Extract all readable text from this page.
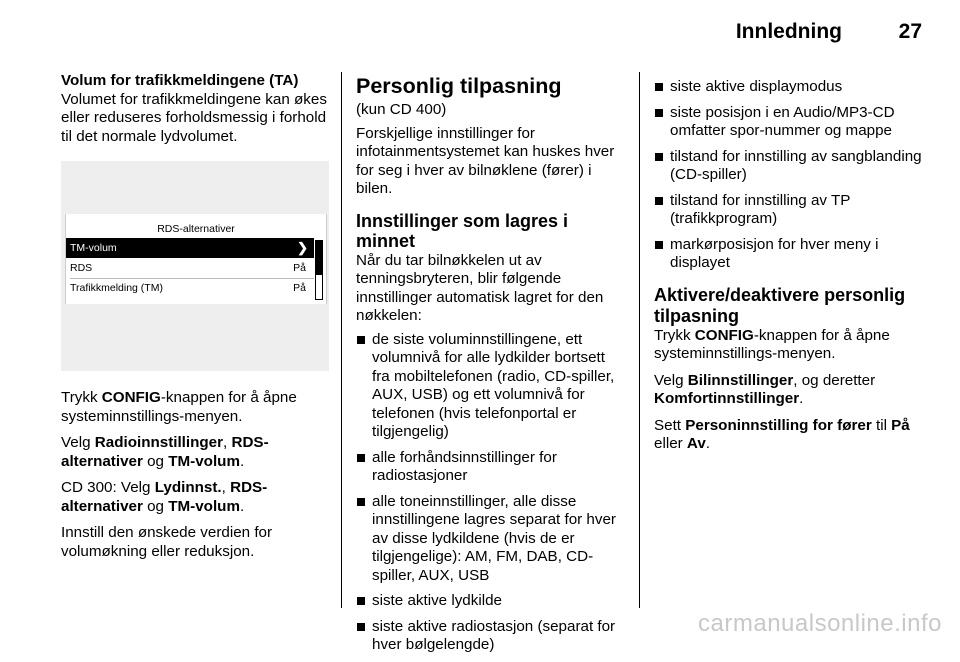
Innledning	27

Volum for trafikkmeldingene (TA)

Volumet for trafikkmeldingene kan økes eller reduseres forholdsmessig i forhold til det normale lydvolumet.

RDS-alternativer
TM-volum	❯
RDS	På
Trafikkmelding (TM)	På

Trykk CONFIG-knappen for å åpne systeminnstillings-menyen.

Velg Radioinnstillinger, RDS-alternativer og TM-volum.

CD 300: Velg Lydinnst., RDS-alternativer og TM-volum.

Innstill den ønskede verdien for volumøkning eller reduksjon.

Personlig tilpasning

(kun CD 400)

Forskjellige innstillinger for infotainmentsystemet kan huskes hver for seg i hver av bilnøklene (fører) i bilen.

Innstillinger som lagres i minnet

Når du tar bilnøkkelen ut av tenningsbryteren, blir følgende innstillinger automatisk lagret for den nøkkelen:

de siste voluminnstillingene, ett volumnivå for alle lydkilder bortsett fra mobiltelefonen (radio, CD-spiller, AUX, USB) og ett volumnivå for telefonen (hvis telefonportal er tilgjengelig)
alle forhåndsinnstillinger for radiostasjoner
alle toneinnstillinger, alle disse innstillingene lagres separat for hver av disse lydkildene (hvis de er tilgjengelige): AM, FM, DAB, CD-spiller, AUX, USB
siste aktive lydkilde
siste aktive radiostasjon (separat for hver bølgelengde)
siste aktive displaymodus
siste posisjon i en Audio/MP3-CD omfatter spor-nummer og mappe
tilstand for innstilling av sangblanding (CD-spiller)
tilstand for innstilling av TP (trafikkprogram)
markørposisjon for hver meny i displayet

Aktivere/deaktivere personlig tilpasning

Trykk CONFIG-knappen for å åpne systeminnstillings-menyen.

Velg Bilinnstillinger, og deretter Komfortinnstillinger.

Sett Personinnstilling for fører til På eller Av.

carmanualsonline.info
